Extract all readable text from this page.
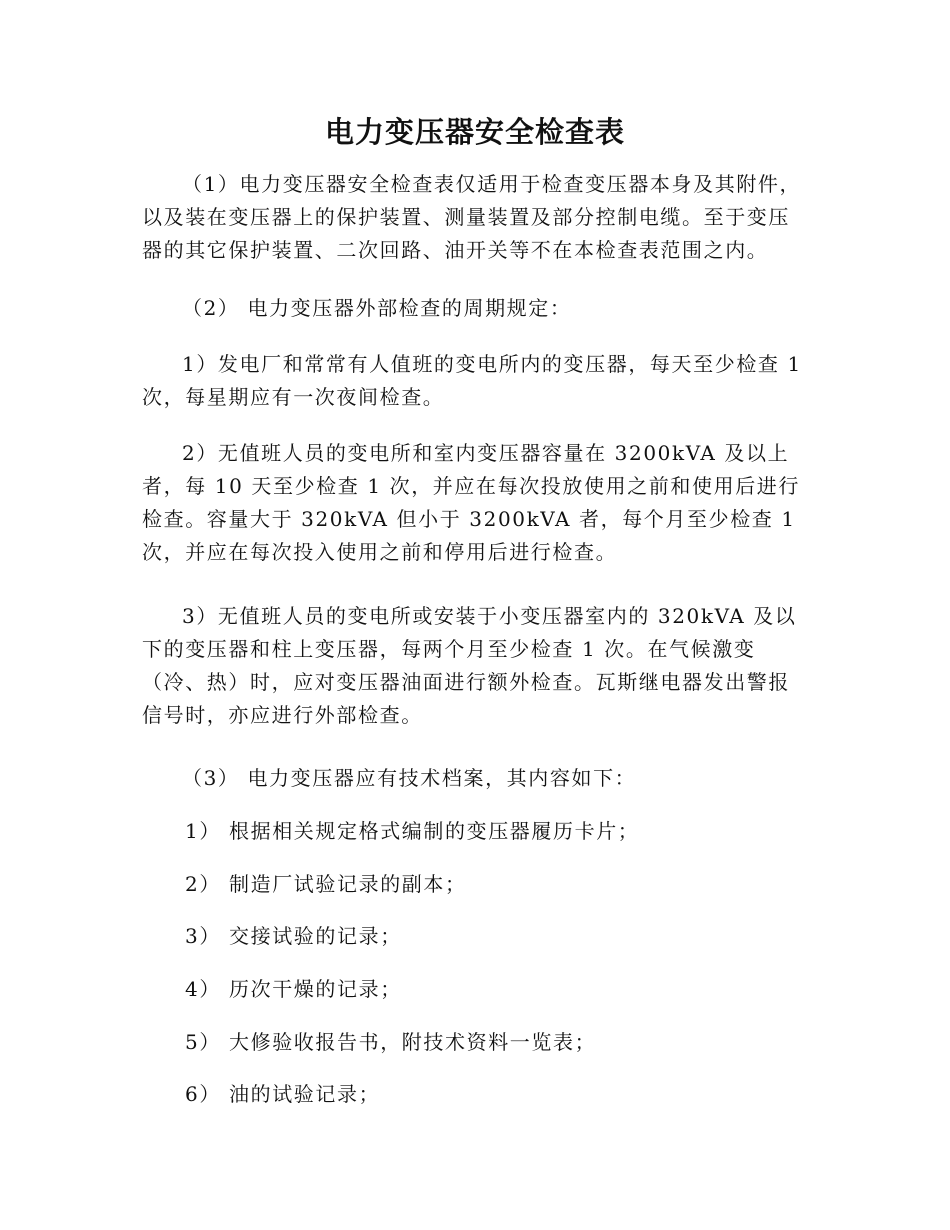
电力变压器安全检查表
（1）电力变压器安全检查表仅适用于检查变压器本身及其附件，以及装在变压器上的保护装置、测量装置及部分控制电缆。至于变压器的其它保护装置、二次回路、油开关等不在本检查表范围之内。
（2） 电力变压器外部检查的周期规定：
1）发电厂和常常有人值班的变电所内的变压器，每天至少检查 1 次，每星期应有一次夜间检查。
2）无值班人员的变电所和室内变压器容量在 3200kVA 及以上者，每 10 天至少检查 1 次，并应在每次投放使用之前和使用后进行检查。容量大于 320kVA 但小于 3200kVA 者，每个月至少检查 1 次，并应在每次投入使用之前和停用后进行检查。
3）无值班人员的变电所或安装于小变压器室内的 320kVA 及以下的变压器和柱上变压器，每两个月至少检查 1 次。在气候激变（冷、热）时，应对变压器油面进行额外检查。瓦斯继电器发出警报信号时，亦应进行外部检查。
（3） 电力变压器应有技术档案，其内容如下：
1） 根据相关规定格式编制的变压器履历卡片；
2） 制造厂试验记录的副本；
3） 交接试验的记录；
4） 历次干燥的记录；
5） 大修验收报告书，附技术资料一览表；
6） 油的试验记录；
